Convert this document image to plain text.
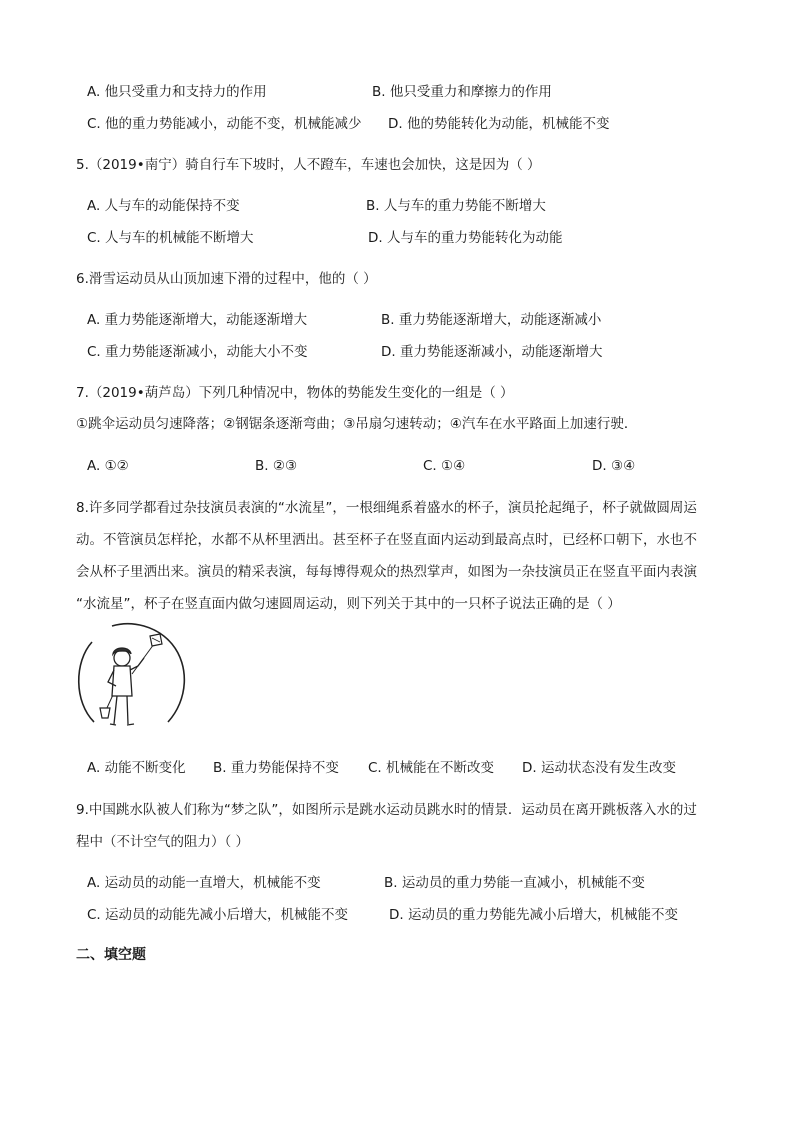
A. 他只受重力和支持力的作用	B. 他只受重力和摩擦力的作用
C. 他的重力势能减小，动能不变，机械能减少 D. 他的势能转化为动能，机械能不变
5.（2019•南宁）骑自行车下坡时，人不蹬车，车速也会加快，这是因为（ ）
A. 人与车的动能保持不变	B. 人与车的重力势能不断增大
C. 人与车的机械能不断增大	D. 人与车的重力势能转化为动能
6.滑雪运动员从山顶加速下滑的过程中，他的（ ）
A. 重力势能逐渐增大，动能逐渐增大	B. 重力势能逐渐增大，动能逐渐减小
C. 重力势能逐渐减小，动能大小不变	D. 重力势能逐渐减小，动能逐渐增大
7.（2019•葫芦岛）下列几种情况中，物体的势能发生变化的一组是（ ）
①跳伞运动员匀速降落；②钢锯条逐渐弯曲；③吊扇匀速转动；④汽车在水平路面上加速行驶．
A. ①②	B. ②③	C. ①④	D. ③④
8.许多同学都看过杂技演员表演的“水流星”，一根细绳系着盛水的杯子，演员抡起绳子，杯子就做圆周运
动。不管演员怎样抡，水都不从杯里洒出。甚至杯子在竖直面内运动到最高点时，已经杯口朝下，水也不
会从杯子里洒出来。演员的精采表演，每每博得观众的热烈掌声，如图为一杂技演员正在竖直平面内表演
“水流星”，杯子在竖直面内做匀速圆周运动，则下列关于其中的一只杯子说法正确的是（ ）
A. 动能不断变化 B. 重力势能保持不变 C. 机械能在不断改变 D. 运动状态没有发生改变
9.中国跳水队被人们称为“梦之队”，如图所示是跳水运动员跳水时的情景．运动员在离开跳板落入水的过
程中（不计空气的阻力）（ ）
A. 运动员的动能一直增大，机械能不变	B. 运动员的重力势能一直减小，机械能不变
C. 运动员的动能先减小后增大，机械能不变	D. 运动员的重力势能先减小后增大，机械能不变
二、填空题
